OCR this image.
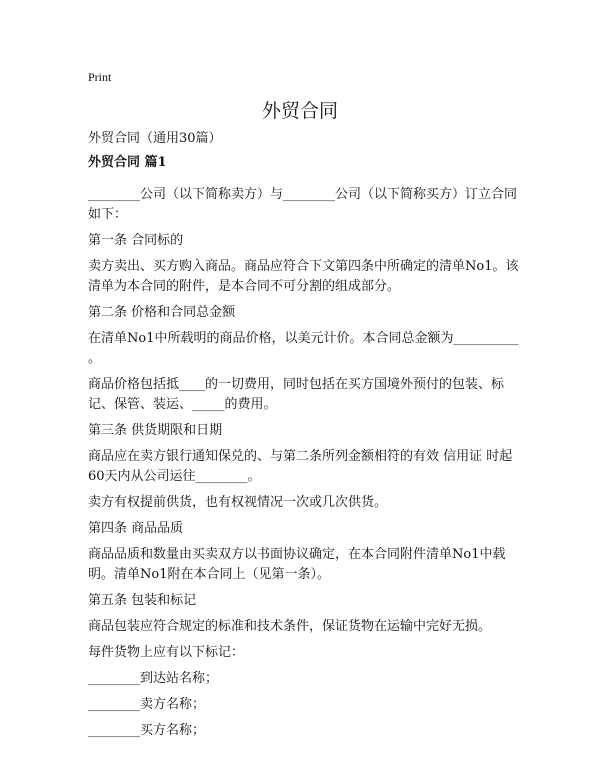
Print
外贸合同

外贸合同（通用30篇）

外贸合同 篇1

________公司（以下简称卖方）与________公司（以下简称买方）订立合同如下：

第一条 合同标的

卖方卖出、买方购入商品。商品应符合下文第四条中所确定的清单No1。该清单为本合同的附件，是本合同不可分割的组成部分。

第二条 价格和合同总金额

在清单No1中所载明的商品价格，以美元计价。本合同总金额为__________ 。

商品价格包括抵____的一切费用，同时包括在买方国境外预付的包装、标记、保管、装运、_____的费用。

第三条 供货期限和日期

商品应在卖方银行通知保兑的、与第二条所列金额相符的有效 信用证 时起60天内从公司运往________。

卖方有权提前供货，也有权视情况一次或几次供货。

第四条 商品品质

商品品质和数量由买卖双方以书面协议确定，在本合同附件清单No1中载明。清单No1附在本合同上（见第一条）。

第五条 包装和标记

商品包装应符合规定的标准和技术条件，保证货物在运输中完好无损。

每件货物上应有以下标记：

________到达站名称；

________卖方名称；

________买方名称；
